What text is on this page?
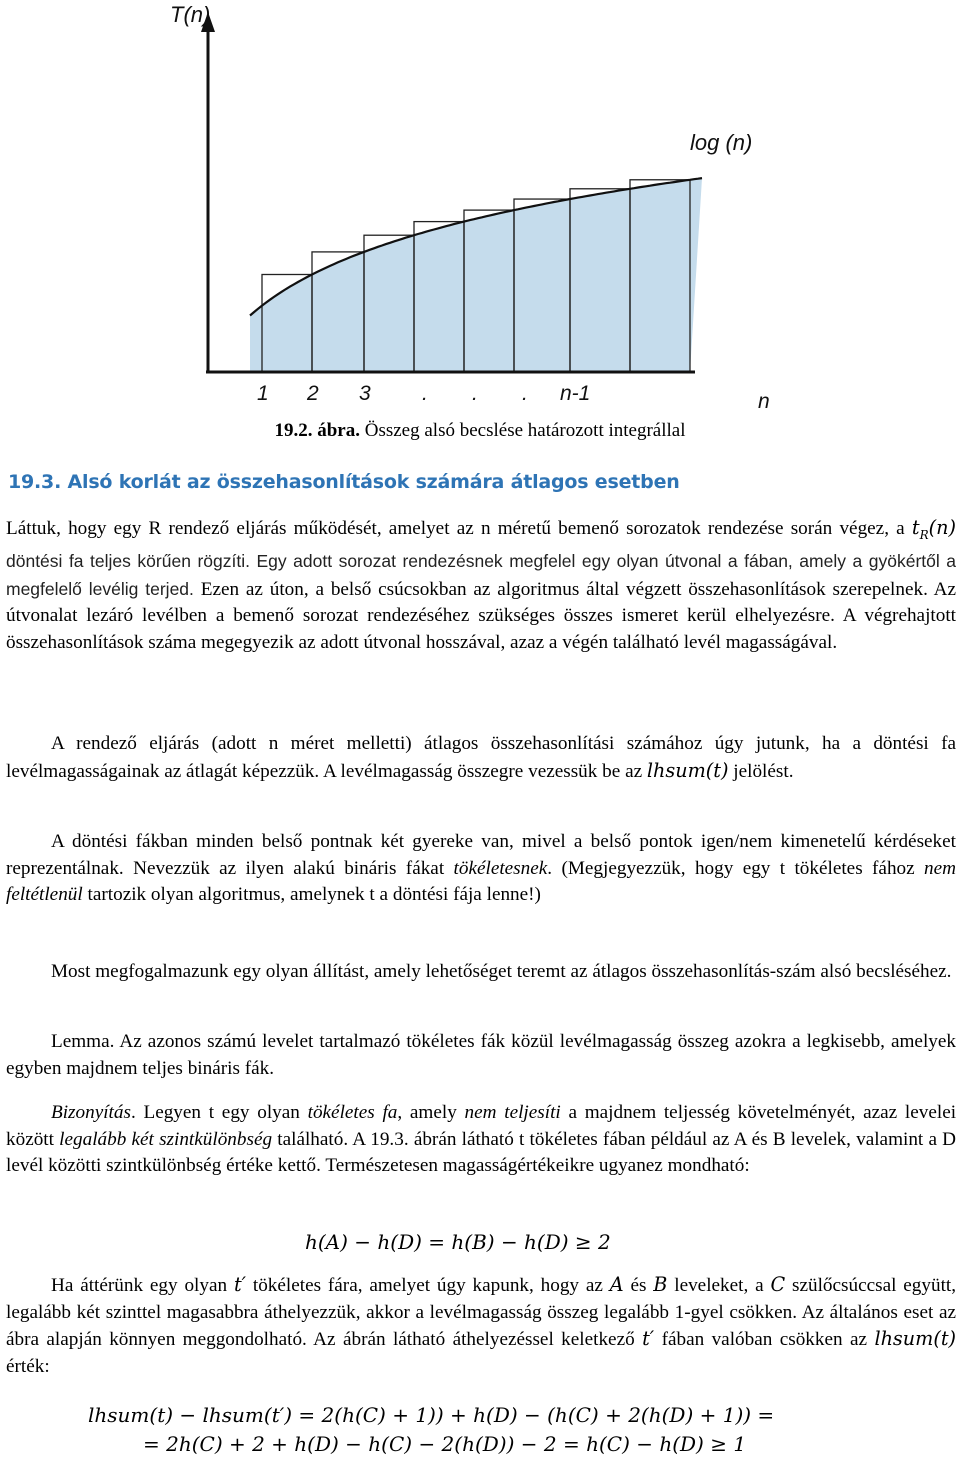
T(n)
log (n)
1 2 3 . . . n-1	n
19.2. ábra. Összeg alsó becslése határozott integrállal
19.3. Alsó korlát az összehasonlítások számára átlagos esetben
Láttuk, hogy egy R rendező eljárás működését, amelyet az n méretű bemenő sorozatok rendezése során végez, a $t_R(n)$ döntési fa teljes körűen rögzíti. Egy adott sorozat rendezésnek megfelel egy olyan útvonal a fában, amely a gyökértől a megfelelő levélig terjed. Ezen az úton, a belső csúcsokban az algoritmus által végzett összehasonlítások szerepelnek. Az útvonalat lezáró levélben a bemenő sorozat rendezéséhez szükséges összes ismeret kerül elhelyezésre. A végrehajtott összehasonlítások száma megegyezik az adott útvonal hosszával, azaz a végén található levél magasságával.
A rendező eljárás (adott n méret melletti) átlagos összehasonlítási számához úgy jutunk, ha a döntési fa levélmagasságainak az átlagát képezzük. A levélmagasság összegre vezessük be az lhsum(t) jelölést.
A döntési fákban minden belső pontnak két gyereke van, mivel a belső pontok igen/nem kimenetelű kérdéseket reprezentálnak. Nevezzük az ilyen alakú bináris fákat tökéletesnek. (Megjegyezzük, hogy egy t tökéletes fához nem feltétlenül tartozik olyan algoritmus, amelynek t a döntési fája lenne!)
Most megfogalmazunk egy olyan állítást, amely lehetőséget teremt az átlagos összehasonlítás-szám alsó becsléséhez.
Lemma. Az azonos számú levelet tartalmazó tökéletes fák közül levélmagasság összeg azokra a legkisebb, amelyek egyben majdnem teljes bináris fák.
Bizonyítás. Legyen t egy olyan tökéletes fa, amely nem teljesíti a majdnem teljesség követelményét, azaz levelei között legalább két szintkülönbség található. A 19.3. ábrán látható t tökéletes fában például az A és B levelek, valamint a D levél közötti szintkülönbség értéke kettő. Természetesen magasságértékeikre ugyanez mondható:
h(A) − h(D) = h(B) − h(D) ≥ 2
Ha áttérünk egy olyan t′ tökéletes fára, amelyet úgy kapunk, hogy az A és B leveleket, a C szülőcsúccsal együtt, legalább két szinttel magasabbra áthelyezzük, akkor a levélmagasság összeg legalább 1-gyel csökken. Az általános eset az ábra alapján könnyen meggondolható. Az ábrán látható áthelyezéssel keletkező t′ fában valóban csökken az lhsum(t) érték:
lhsum(t) − lhsum(t′) = 2(h(C) + 1)) + h(D) − (h(C) + 2(h(D) + 1)) =
= 2h(C) + 2 + h(D) − h(C) − 2(h(D)) − 2 = h(C) − h(D) ≥ 1
